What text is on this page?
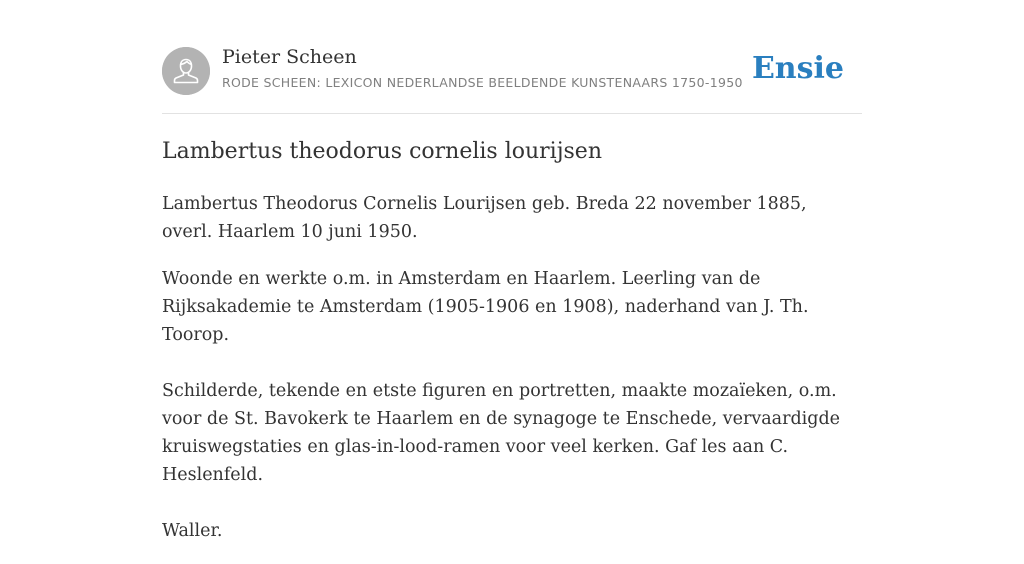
Pieter Scheen
RODE SCHEEN: LEXICON NEDERLANDSE BEELDENDE KUNSTENAARS 1750-1950 Ensie
Lambertus theodorus cornelis lourijsen

Lambertus Theodorus Cornelis Lourijsen geb. Breda 22 november 1885, overl. Haarlem 10 juni 1950.

Woonde en werkte o.m. in Amsterdam en Haarlem. Leerling van de Rijksakademie te Amsterdam (1905-1906 en 1908), naderhand van J. Th. Toorop.

Schilderde, tekende en etste figuren en portretten, maakte mozaïeken, o.m. voor de St. Bavokerk te Haarlem en de synagoge te Enschede, vervaardigde kruiswegstaties en glas-in-lood-ramen voor veel kerken. Gaf les aan C. Heslenfeld.

Waller.
